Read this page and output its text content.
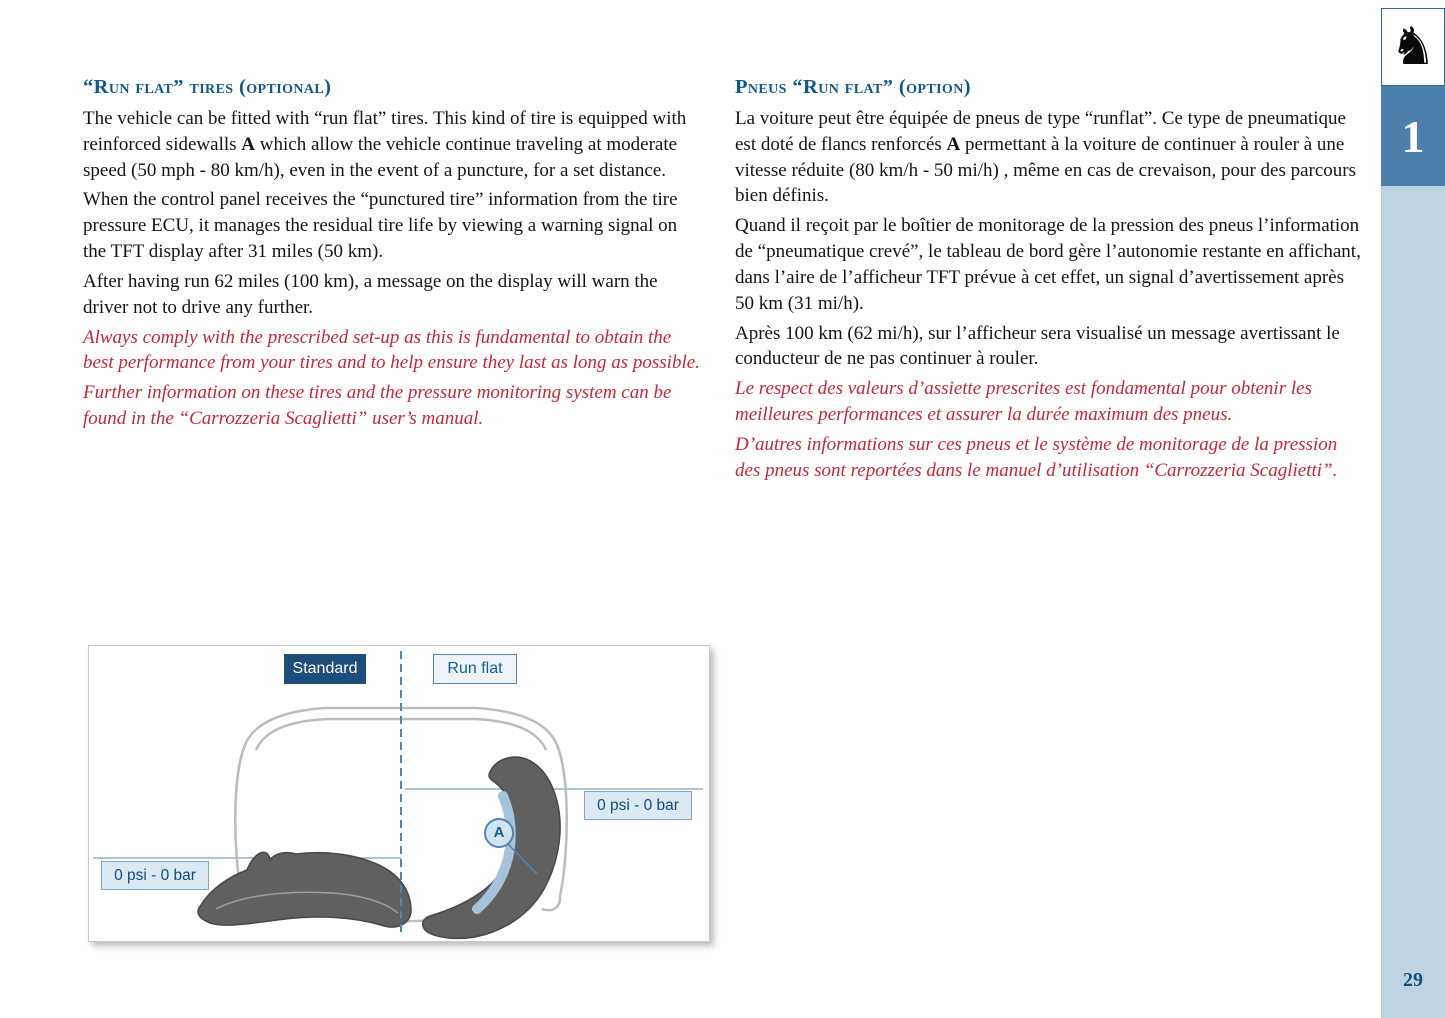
“Run flat” tires (optional)

The vehicle can be fitted with “run flat” tires. This kind of tire is equipped with reinforced sidewalls A which allow the vehicle continue traveling at moderate speed (50 mph - 80 km/h), even in the event of a puncture, for a set distance.

When the control panel receives the “punctured tire” information from the tire pressure ECU, it manages the residual tire life by viewing a warning signal on the TFT display after 31 miles (50 km).

After having run 62 miles (100 km), a message on the display will warn the driver not to drive any further.

Always comply with the prescribed set-up as this is fundamental to obtain the best performance from your tires and to help ensure they last as long as possible.

Further information on these tires and the pressure monitoring system can be found in the “Carrozzeria Scaglietti” user’s manual.

Pneus “Run flat” (option)

La voiture peut être équipée de pneus de type “runflat”. Ce type de pneumatique est doté de flancs renforcés A permettant à la voiture de continuer à rouler à une vitesse réduite (80 km/h - 50 mi/h) , même en cas de crevaison, pour des parcours bien définis.

Quand il reçoit par le boîtier de monitorage de la pression des pneus l’information de “pneumatique crevé”, le tableau de bord gère l’autonomie restante en affichant, dans l’aire de l’afficheur TFT prévue à cet effet, un signal d’avertissement après 50 km (31 mi/h).

Après 100 km (62 mi/h), sur l’afficheur sera visualisé un message avertissant le conducteur de ne pas continuer à rouler.

Le respect des valeurs d’assiette prescrites est fondamental pour obtenir les meilleures performances et assurer la durée maximum des pneus.

D’autres informations sur ces pneus et le système de monitorage de la pression des pneus sont reportées dans le manuel d’utilisation “Carrozzeria Scaglietti”.

Standard	Run flat
0 psi - 0 bar
0 psi - 0 bar
A
♞
1
29
